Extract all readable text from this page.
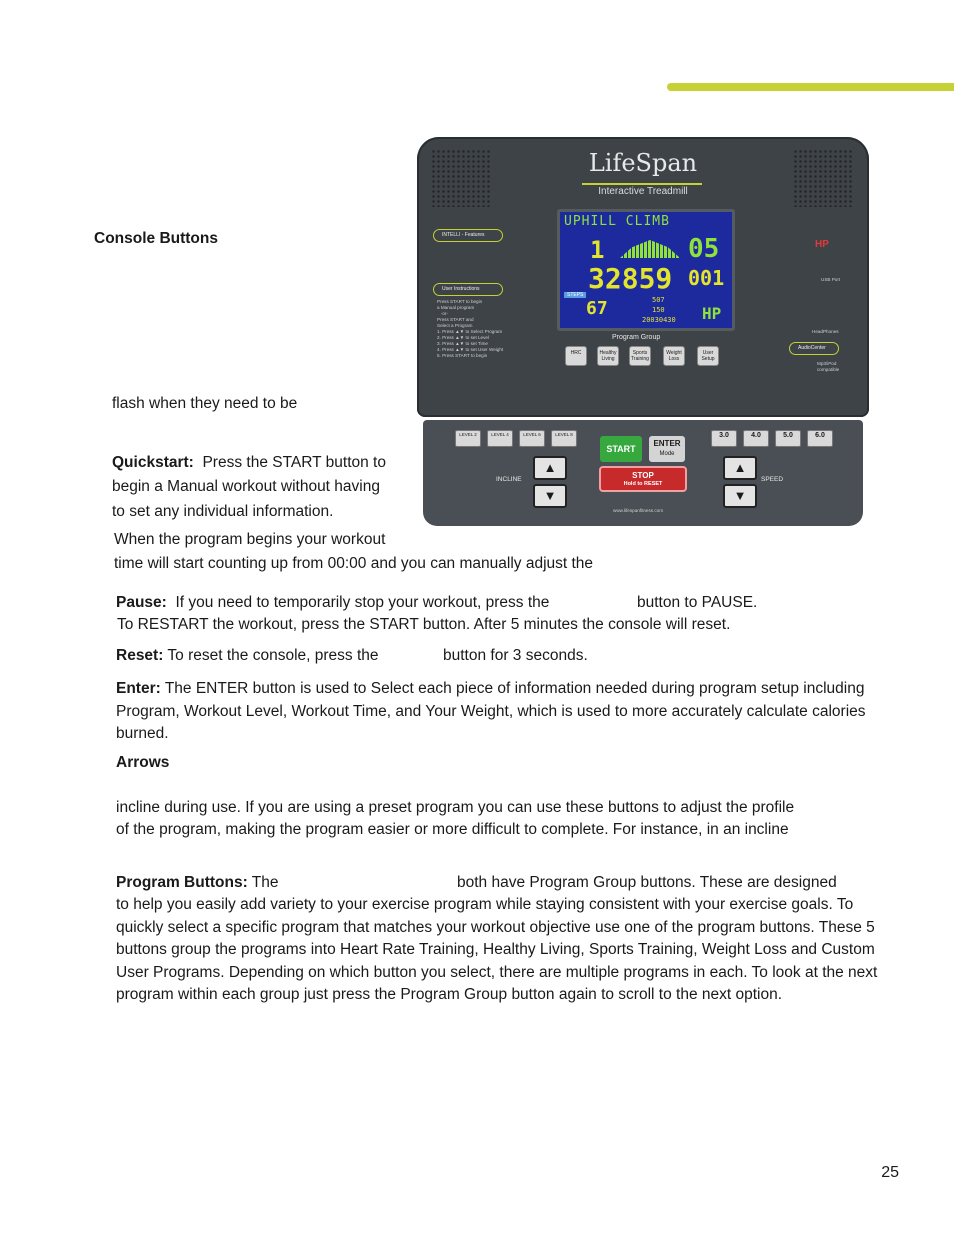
Console Buttons
flash when they need to be
Quickstart: Press the START button to
begin a Manual workout without having
to set any individual information.
When the program begins your workout
time will start counting up from 00:00 and you can manually adjust the
LifeSpan
Interactive Treadmill
INTELLI - Features
User Instructions
Press START to begin
a Manual program
-or-
Press START and
Select a Program
1. Press ▲▼ to Select Program
2. Press ▲▼ to set Level
3. Press ▲▼ to set Time
4. Press ▲▼ to set User Weight
5. Press START to begin
UPHILL CLIMB
1	05
32859 001
STEPS
67	507
150
20030430 HP
Program Group
HRC	Healthy Living
Sports Training
Weight Loss
User Setup
HP
USB Port
HeadPhones
AudioCenter
Mp3/iPod
compatible
LEVEL 2	LEVEL 4	LEVEL 6	LEVEL 8
▲
▼
INCLINE
START
ENTER
Mode
STOP
Hold to RESET
www.lifespanfitness.com
3.0	4.0	5.0	6.0
▲
▼
SPEED
Pause: If you need to temporarily stop your workout, press the	button to PAUSE.
To RESTART the workout, press the START button. After 5 minutes the console will reset.
Reset: To reset the console, press the	button for 3 seconds.
Enter: The ENTER button is used to Select each piece of information needed during program setup including Program, Workout Level, Workout Time, and Your Weight, which is used to more accurately calculate calories burned.
Arrows
incline during use. If you are using a preset program you can use these buttons to adjust the profile
of the program, making the program easier or more difficult to complete. For instance, in an incline
Program Buttons: The	both have Program Group buttons. These are designed
to help you easily add variety to your exercise program while staying consistent with your exercise goals. To quickly select a specific program that matches your workout objective use one of the program buttons. These 5 buttons group the programs into Heart Rate Training, Healthy Living, Sports Training, Weight Loss and Custom User Programs. Depending on which button you select, there are multiple programs in each. To look at the next program within each group just press the Program Group button again to scroll to the next option.
25
